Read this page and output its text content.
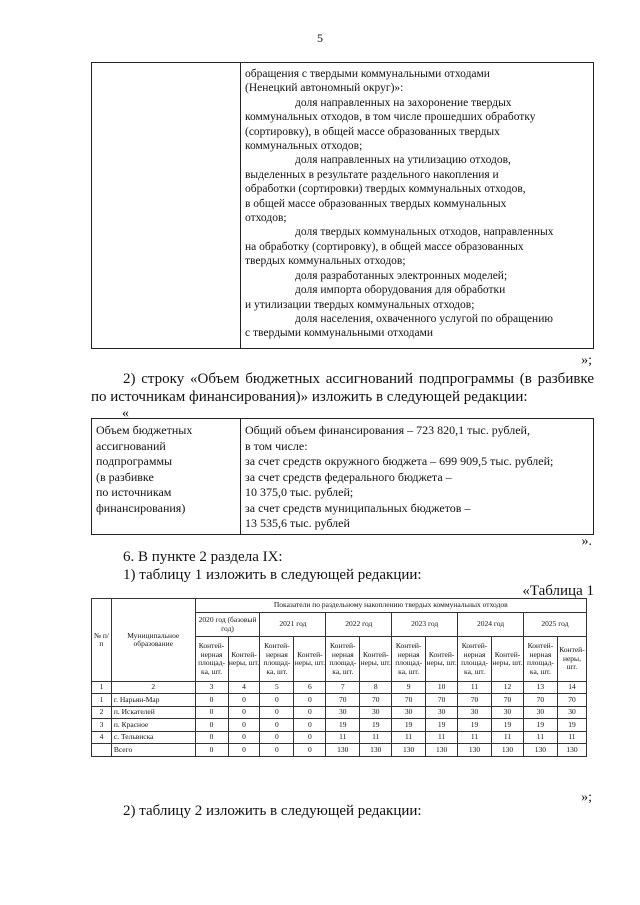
5
обращения с твердыми коммунальными отходами
(Ненецкий автономный округ)»:
доля направленных на захоронение твердых
коммунальных отходов, в том числе прошедших обработку
(сортировку), в общей массе образованных твердых
коммунальных отходов;
доля направленных на утилизацию отходов,
выделенных в результате раздельного накопления и
обработки (сортировки) твердых коммунальных отходов,
в общей массе образованных твердых коммунальных
отходов;
доля твердых коммунальных отходов, направленных
на обработку (сортировку), в общей массе образованных
твердых коммунальных отходов;
доля разработанных электронных моделей;
доля импорта оборудования для обработки
и утилизации твердых коммунальных отходов;
доля населения, охваченного услугой по обращению
с твердыми коммунальными отходами
»;
2) строку «Объем бюджетных ассигнований подпрограммы (в разбивке
по источникам финансирования)» изложить в следующей редакции:
«
Объем бюджетных
ассигнований
подпрограммы
(в разбивке
по источникам
финансирования)
Общий объем финансирования – 723 820,1 тыс. рублей,
в том числе:
за счет средств окружного бюджета – 699 909,5 тыс. рублей;
за счет средств федерального бюджета –
10 375,0 тыс. рублей;
за счет средств муниципальных бюджетов –
13 535,6 тыс. рублей
».
6. В пункте 2 раздела IX:
1) таблицу 1 изложить в следующей редакции:
«Таблица 1
№ п/п	Муниципальное образование	Показатели по раздельному накоплению твердых коммунальных отходов											
		2020 год (базовый год)		2021 год		2022 год		2023 год		2024 год		2025 год	
		Контей-нерная площад-ка, шт.	Контей-неры, шт.	Контей-нерная площад-ка, шт.	Контей-неры, шт.	Контей-нерная площад-ка, шт.	Контей-неры, шт.	Контей-нерная площад-ка, шт.	Контей-неры, шт.	Контей-нерная площад-ка, шт.	Контей-неры, шт.	Контей-нерная площад-ка, шт.	Контей-неры, шт.
1	2	3	4	5	6	7	8	9	10	11	12	13	14
1	г. Нарьян-Мар	0	0	0	0	70	70	70	70	70	70	70	70
2	п. Искателей	0	0	0	0	30	30	30	30	30	30	30	30
3	п. Красное	0	0	0	0	19	19	19	19	19	19	19	19
4	с. Тельвиска	0	0	0	0	11	11	11	11	11	11	11	11
	Всего	0	0	0	0	130	130	130	130	130	130	130	130
»;
2) таблицу 2 изложить в следующей редакции:
